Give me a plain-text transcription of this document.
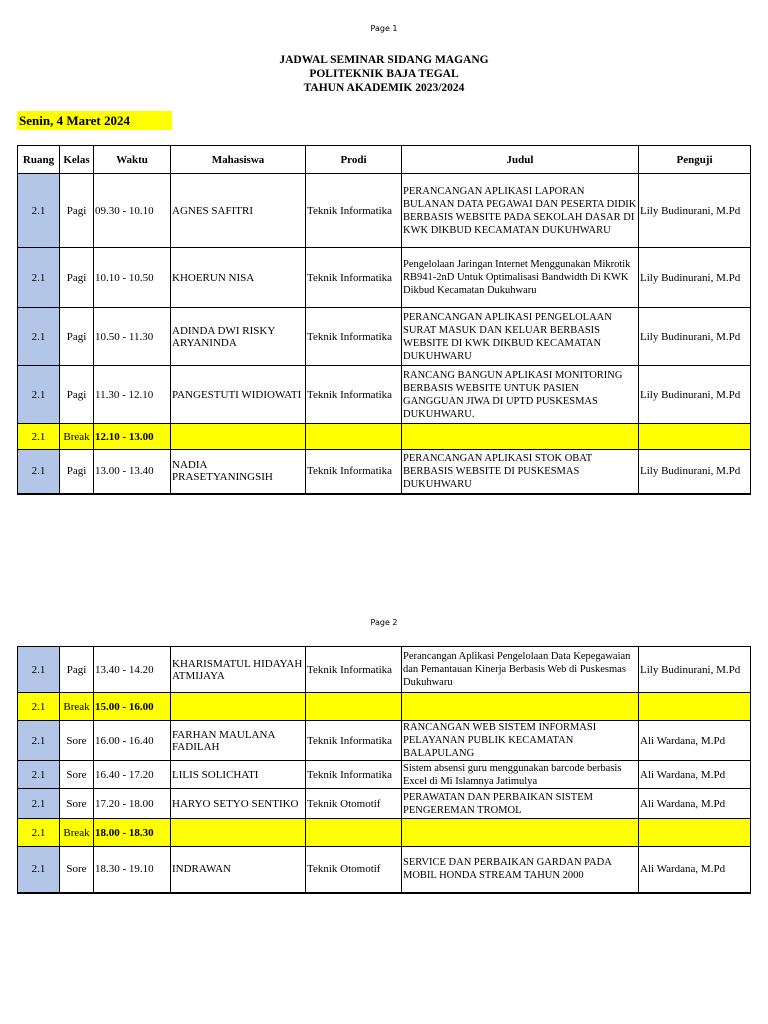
Page 1
JADWAL SEMINAR SIDANG MAGANG
POLITEKNIK BAJA TEGAL
TAHUN AKADEMIK 2023/2024
Senin, 4 Maret 2024
Ruang	Kelas	Waktu	Mahasiswa	Prodi	Judul	Penguji
2.1	Pagi	09.30 - 10.10	AGNES SAFITRI	Teknik Informatika	PERANCANGAN APLIKASI LAPORAN BULANAN DATA PEGAWAI DAN PESERTA DIDIK BERBASIS WEBSITE PADA SEKOLAH DASAR DI KWK DIKBUD KECAMATAN DUKUHWARU	Lily Budinurani, M.Pd
2.1	Pagi	10.10 - 10.50	KHOERUN NISA	Teknik Informatika	Pengelolaan Jaringan Internet Menggunakan Mikrotik RB941-2nD Untuk Optimalisasi Bandwidth Di KWK Dikbud Kecamatan Dukuhwaru	Lily Budinurani, M.Pd
2.1	Pagi	10.50 - 11.30	ADINDA DWI RISKY ARYANINDA	Teknik Informatika	PERANCANGAN APLIKASI PENGELOLAAN SURAT MASUK DAN KELUAR BERBASIS WEBSITE DI KWK DIKBUD KECAMATAN DUKUHWARU	Lily Budinurani, M.Pd
2.1	Pagi	11.30 - 12.10	PANGESTUTI WIDIOWATI	Teknik Informatika	RANCANG BANGUN APLIKASI MONITORING BERBASIS WEBSITE UNTUK PASIEN GANGGUAN JIWA DI UPTD PUSKESMAS DUKUHWARU.	Lily Budinurani, M.Pd
2.1	Break	12.10 - 13.00				
2.1	Pagi	13.00 - 13.40	NADIA PRASETYANINGSIH	Teknik Informatika	PERANCANGAN APLIKASI STOK OBAT BERBASIS WEBSITE DI PUSKESMAS DUKUHWARU	Lily Budinurani, M.Pd
Page 2
2.1	Pagi	13.40 - 14.20	KHARISMATUL HIDAYAH ATMIJAYA	Teknik Informatika	Perancangan Aplikasi Pengelolaan Data Kepegawaian dan Pemantauan Kinerja Berbasis Web di Puskesmas Dukuhwaru	Lily Budinurani, M.Pd
2.1	Break	15.00 - 16.00				
2.1	Sore	16.00 - 16.40	FARHAN MAULANA FADILAH	Teknik Informatika	RANCANGAN WEB SISTEM INFORMASI PELAYANAN PUBLIK KECAMATAN BALAPULANG	Ali Wardana, M.Pd
2.1	Sore	16.40 - 17.20	LILIS SOLICHATI	Teknik Informatika	Sistem absensi guru menggunakan barcode berbasis Excel di Mi Islamnya Jatimulya	Ali Wardana, M.Pd
2.1	Sore	17.20 - 18.00	HARYO SETYO SENTIKO	Teknik Otomotif	PERAWATAN DAN PERBAIKAN SISTEM PENGEREMAN TROMOL	Ali Wardana, M.Pd
2.1	Break	18.00 - 18.30				
2.1	Sore	18.30 - 19.10	INDRAWAN	Teknik Otomotif	SERVICE DAN PERBAIKAN GARDAN PADA MOBIL HONDA STREAM TAHUN 2000	Ali Wardana, M.Pd
